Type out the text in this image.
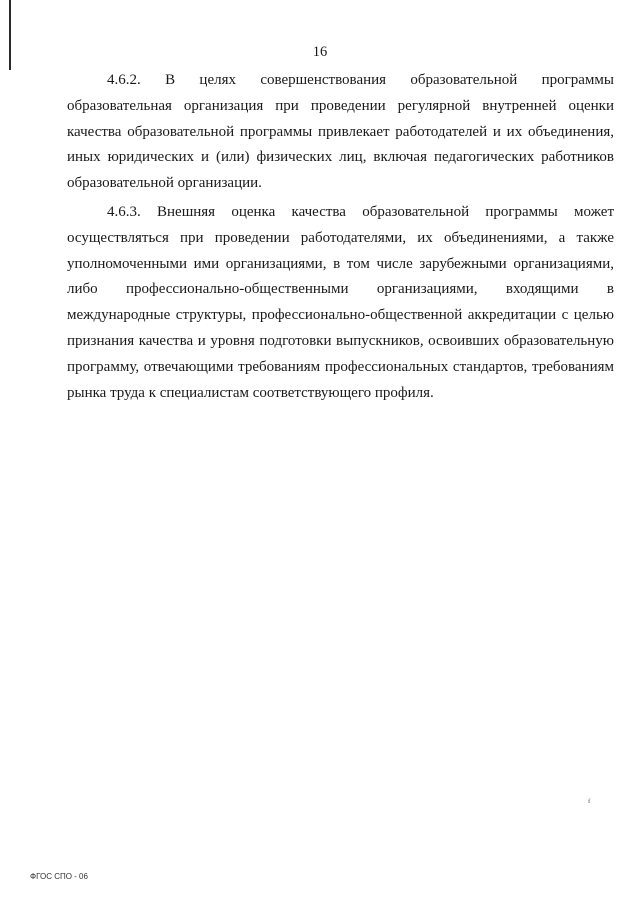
16

4.6.2. В целях совершенствования образовательной программы образовательная организация при проведении регулярной внутренней оценки качества образовательной программы привлекает работодателей и их объединения, иных юридических и (или) физических лиц, включая педагогических работников образовательной организации.

4.6.3. Внешняя оценка качества образовательной программы может осуществляться при проведении работодателями, их объединениями, а также уполномоченными ими организациями, в том числе зарубежными организациями, либо профессионально-общественными организациями, входящими в международные структуры, профессионально-общественной аккредитации с целью признания качества и уровня подготовки выпускников, освоивших образовательную программу, отвечающими требованиям профессиональных стандартов, требованиям рынка труда к специалистам соответствующего профиля.

ᶠ
ФГОС СПО - 06
